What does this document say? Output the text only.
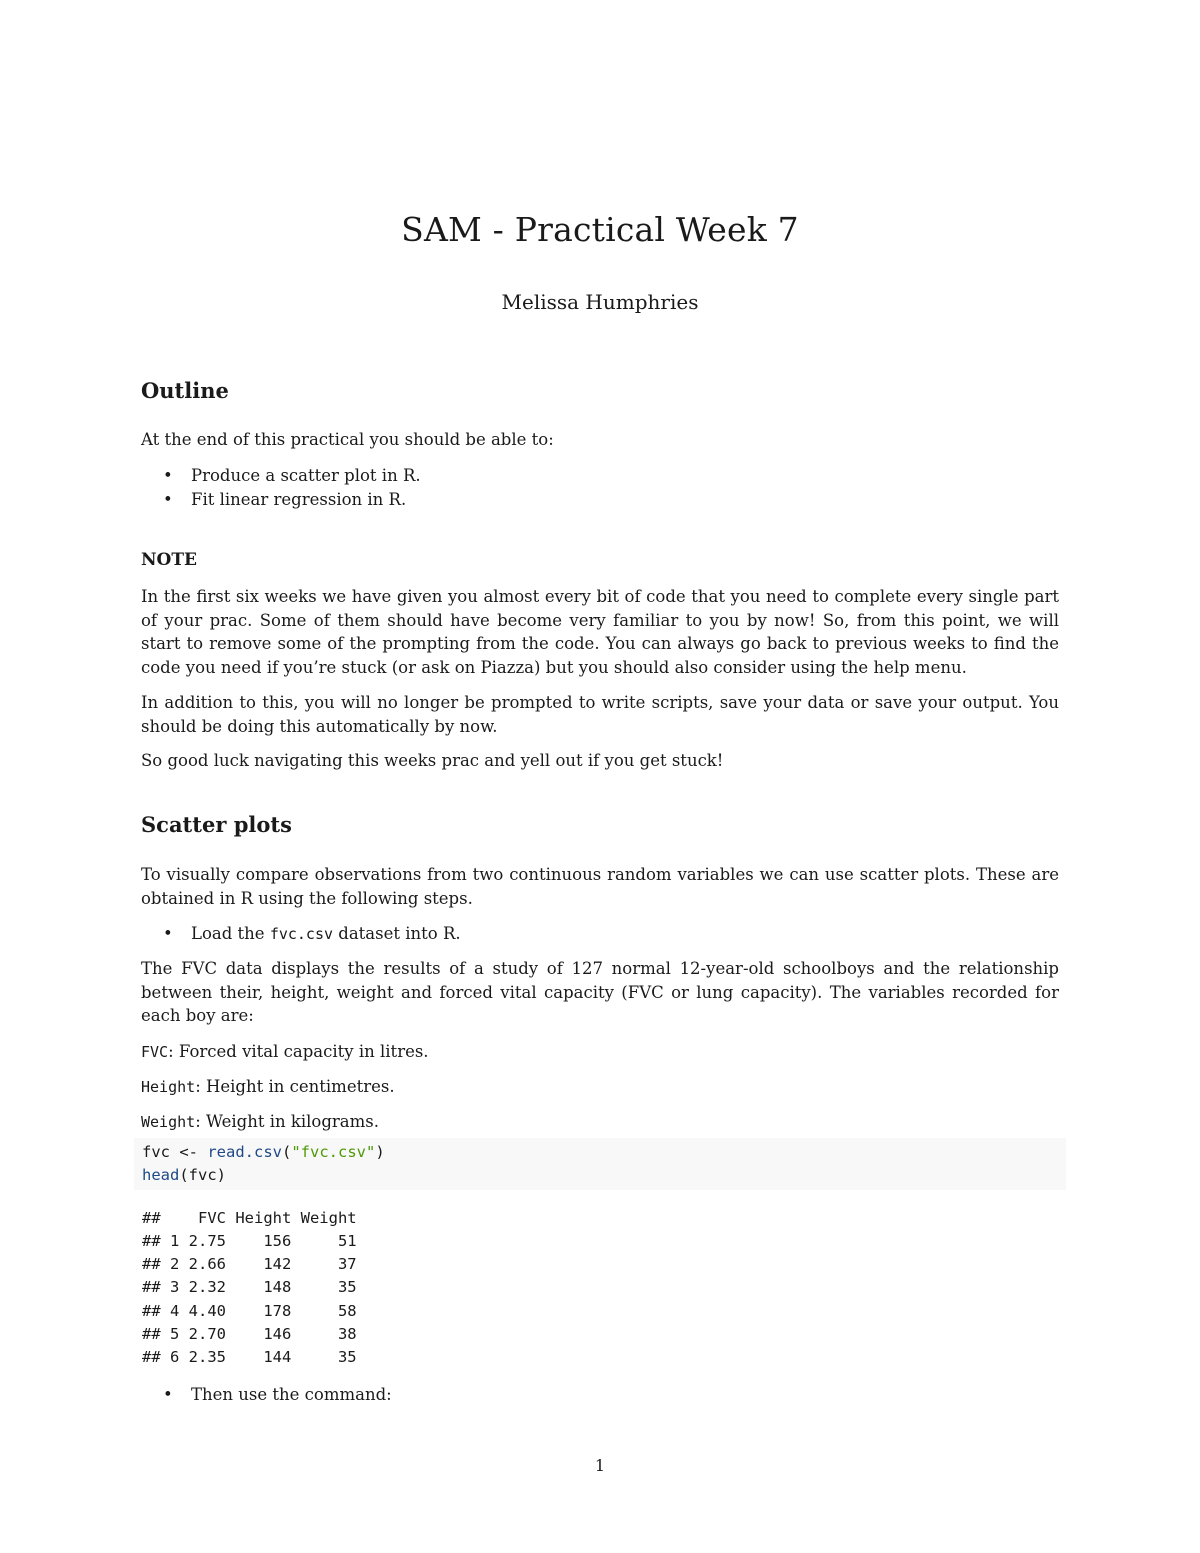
SAM - Practical Week 7
Melissa Humphries
Outline
At the end of this practical you should be able to:
• Produce a scatter plot in R.
• Fit linear regression in R.
NOTE
In the first six weeks we have given you almost every bit of code that you need to complete every single part of your prac. Some of them should have become very familiar to you by now! So, from this point, we will start to remove some of the prompting from the code. You can always go back to previous weeks to find the code you need if you’re stuck (or ask on Piazza) but you should also consider using the help menu.
In addition to this, you will no longer be prompted to write scripts, save your data or save your output. You should be doing this automatically by now.
So good luck navigating this weeks prac and yell out if you get stuck!
Scatter plots
To visually compare observations from two continuous random variables we can use scatter plots. These are obtained in R using the following steps.
• Load the fvc.csv dataset into R.
The FVC data displays the results of a study of 127 normal 12-year-old schoolboys and the relationship between their, height, weight and forced vital capacity (FVC or lung capacity). The variables recorded for each boy are:
FVC: Forced vital capacity in litres.
Height: Height in centimetres.
Weight: Weight in kilograms.
fvc <- read.csv("fvc.csv")
head(fvc)
##    FVC Height Weight
## 1 2.75    156     51
## 2 2.66    142     37
## 3 2.32    148     35
## 4 4.40    178     58
## 5 2.70    146     38
## 6 2.35    144     35
• Then use the command:
1
